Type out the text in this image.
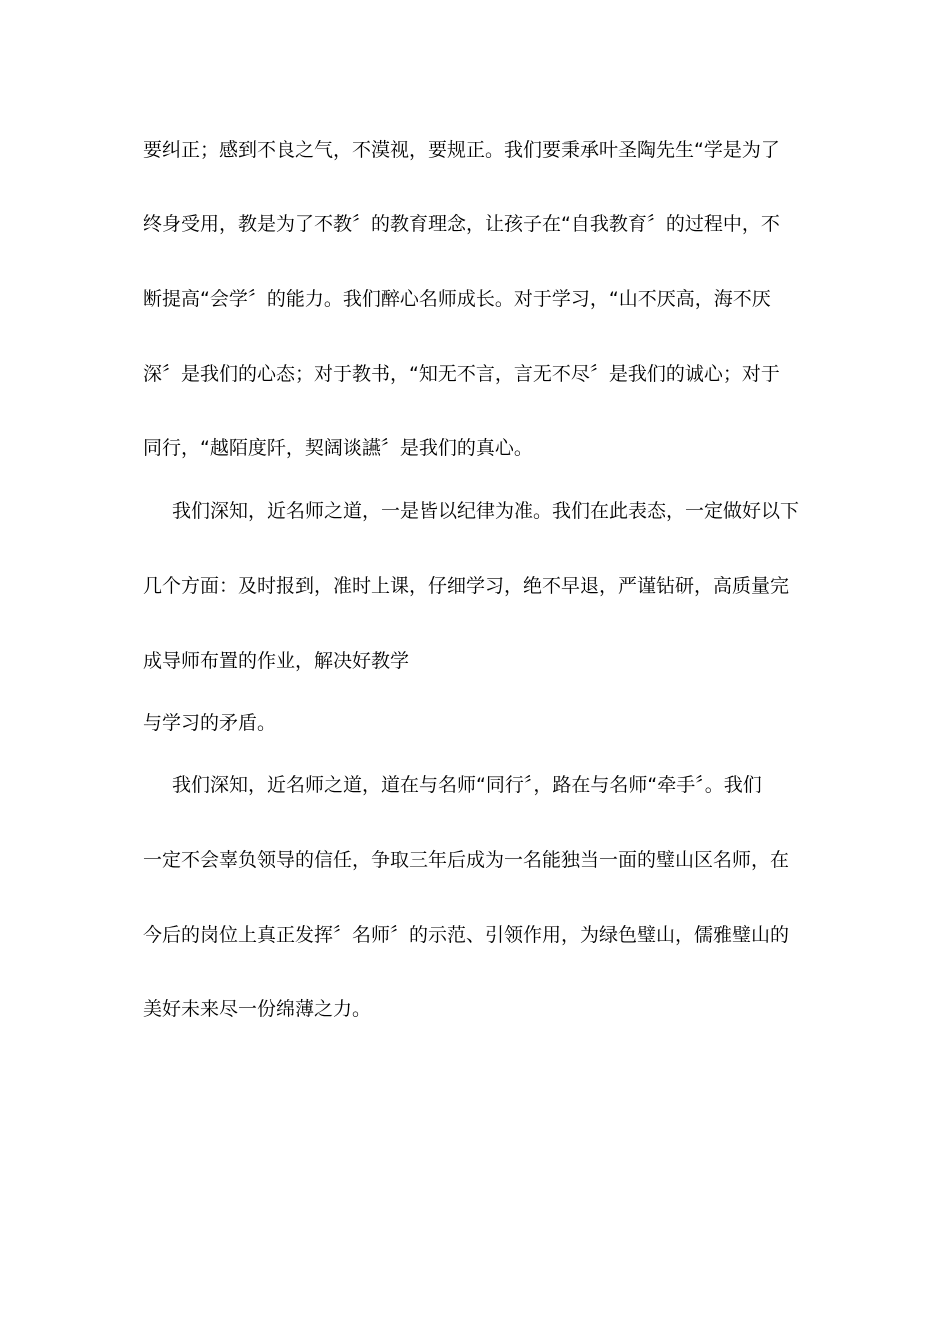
要纠正；感到不良之气，不漠视，要规正。我们要秉承叶圣陶先生“学是为了
终身受用，教是为了不教〞的教育理念，让孩子在“自我教育〞的过程中，不
断提高“会学〞的能力。我们醉心名师成长。对于学习，“山不厌高，海不厌
深〞是我们的心态；对于教书，“知无不言，言无不尽〞是我们的诚心；对于
同行，“越陌度阡，契阔谈讌〞是我们的真心。
我们深知，近名师之道，一是皆以纪律为准。我们在此表态，一定做好以下
几个方面：及时报到，准时上课，仔细学习，绝不早退，严谨钻研，高质量完
成导师布置的作业，解决好教学
与学习的矛盾。
我们深知，近名师之道，道在与名师“同行〞，路在与名师“牵手〞。我们
一定不会辜负领导的信任，争取三年后成为一名能独当一面的璧山区名师，在
今后的岗位上真正发挥〞名师〞的示范、引领作用，为绿色璧山，儒雅璧山的
美好未来尽一份绵薄之力。
